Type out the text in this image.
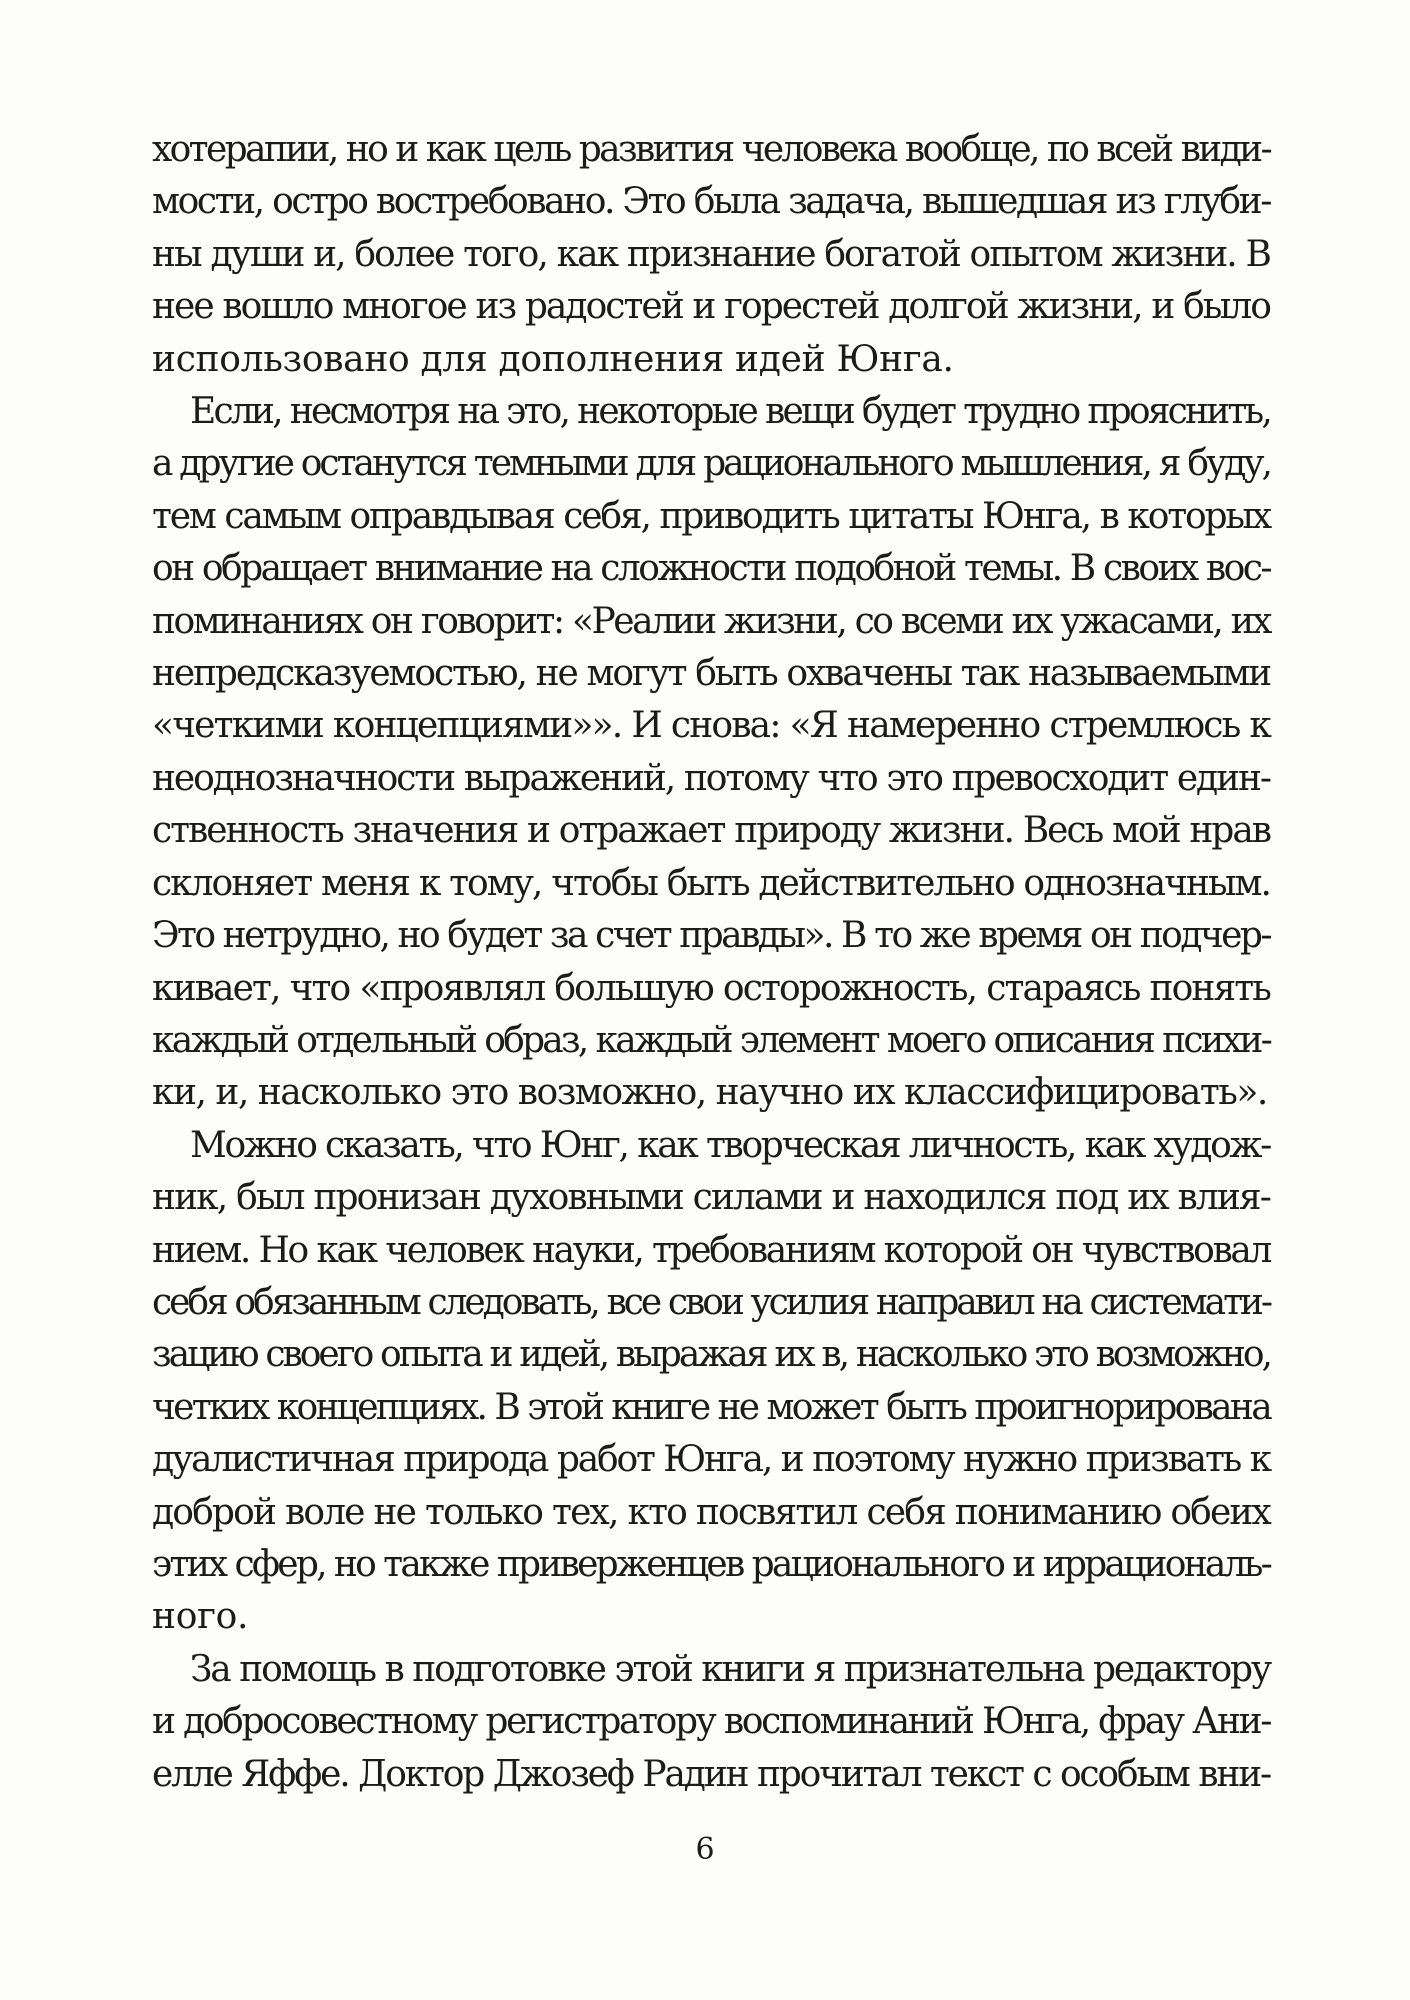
хотерапии, но и как цель развития человека вообще, по всей види-
мости, остро востребовано. Это была задача, вышедшая из глуби-
ны души и, более того, как признание богатой опытом жизни. В
нее вошло многое из радостей и горестей долгой жизни, и было
использовано для дополнения идей Юнга.
Если, несмотря на это, некоторые вещи будет трудно прояснить,
а другие останутся темными для рационального мышления, я буду,
тем самым оправдывая себя, приводить цитаты Юнга, в которых
он обращает внимание на сложности подобной темы. В своих вос-
поминаниях он говорит: «Реалии жизни, со всеми их ужасами, их
непредсказуемостью, не могут быть охвачены так называемыми
«четкими концепциями»». И снова: «Я намеренно стремлюсь к
неоднозначности выражений, потому что это превосходит един-
ственность значения и отражает природу жизни. Весь мой нрав
склоняет меня к тому, чтобы быть действительно однозначным.
Это нетрудно, но будет за счет правды». В то же время он подчер-
кивает, что «проявлял большую осторожность, стараясь понять
каждый отдельный образ, каждый элемент моего описания психи-
ки, и, насколько это возможно, научно их классифицировать».
Можно сказать, что Юнг, как творческая личность, как худож-
ник, был пронизан духовными силами и находился под их влия-
нием. Но как человек науки, требованиям которой он чувствовал
себя обязанным следовать, все свои усилия направил на системати-
зацию своего опыта и идей, выражая их в, насколько это возможно,
четких концепциях. В этой книге не может быть проигнорирована
дуалистичная природа работ Юнга, и поэтому нужно призвать к
доброй воле не только тех, кто посвятил себя пониманию обеих
этих сфер, но также приверженцев рационального и иррациональ-
ного.
За помощь в подготовке этой книги я признательна редактору
и добросовестному регистратору воспоминаний Юнга, фрау Ани-
елле Яффе. Доктор Джозеф Радин прочитал текст с особым вни-
6
